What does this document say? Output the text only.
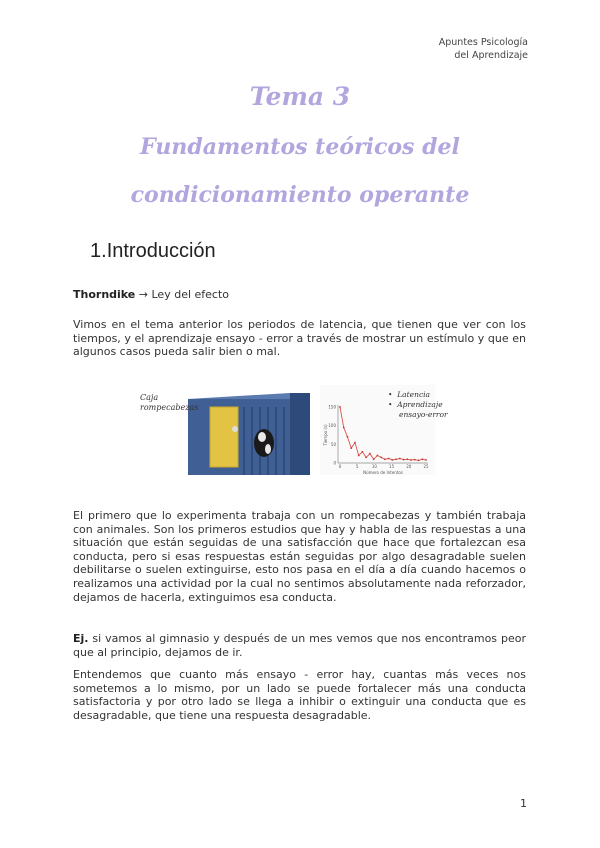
Apuntes Psicología
del Aprendizaje
Tema 3
Fundamentos teóricos del
condicionamiento operante
1.Introducción
Thorndike → Ley del efecto
Vimos en el tema anterior los periodos de latencia, que tienen que ver con los tiempos, y el aprendizaje ensayo - error a través de mostrar un estímulo y que en algunos casos pueda salir bien o mal.
150
100
50
0
0	5	10	15	20	25
Tiempo (s)
Número de Intentos
Caja
rompecabezas
•  Latencia
•  Aprendizaje
ensayo-error
El primero que lo experimenta trabaja con un rompecabezas y también trabaja con animales. Son los primeros estudios que hay y habla de las respuestas a una situación que están seguidas de una satisfacción que hace que fortalezcan esa conducta, pero si esas respuestas están seguidas por algo desagradable suelen debilitarse o suelen extinguirse, esto nos pasa en el día a día cuando hacemos o realizamos una actividad por la cual no sentimos absolutamente nada reforzador, dejamos de hacerla, extinguimos esa conducta.
Ej. si vamos al gimnasio y después de un mes vemos que nos encontramos peor que al principio, dejamos de ir.
Entendemos que cuanto más ensayo - error hay, cuantas más veces nos sometemos a lo mismo, por un lado se puede fortalecer más una conducta satisfactoria y por otro lado se llega a inhibir o extinguir una conducta que es desagradable, que tiene una respuesta desagradable.
1
